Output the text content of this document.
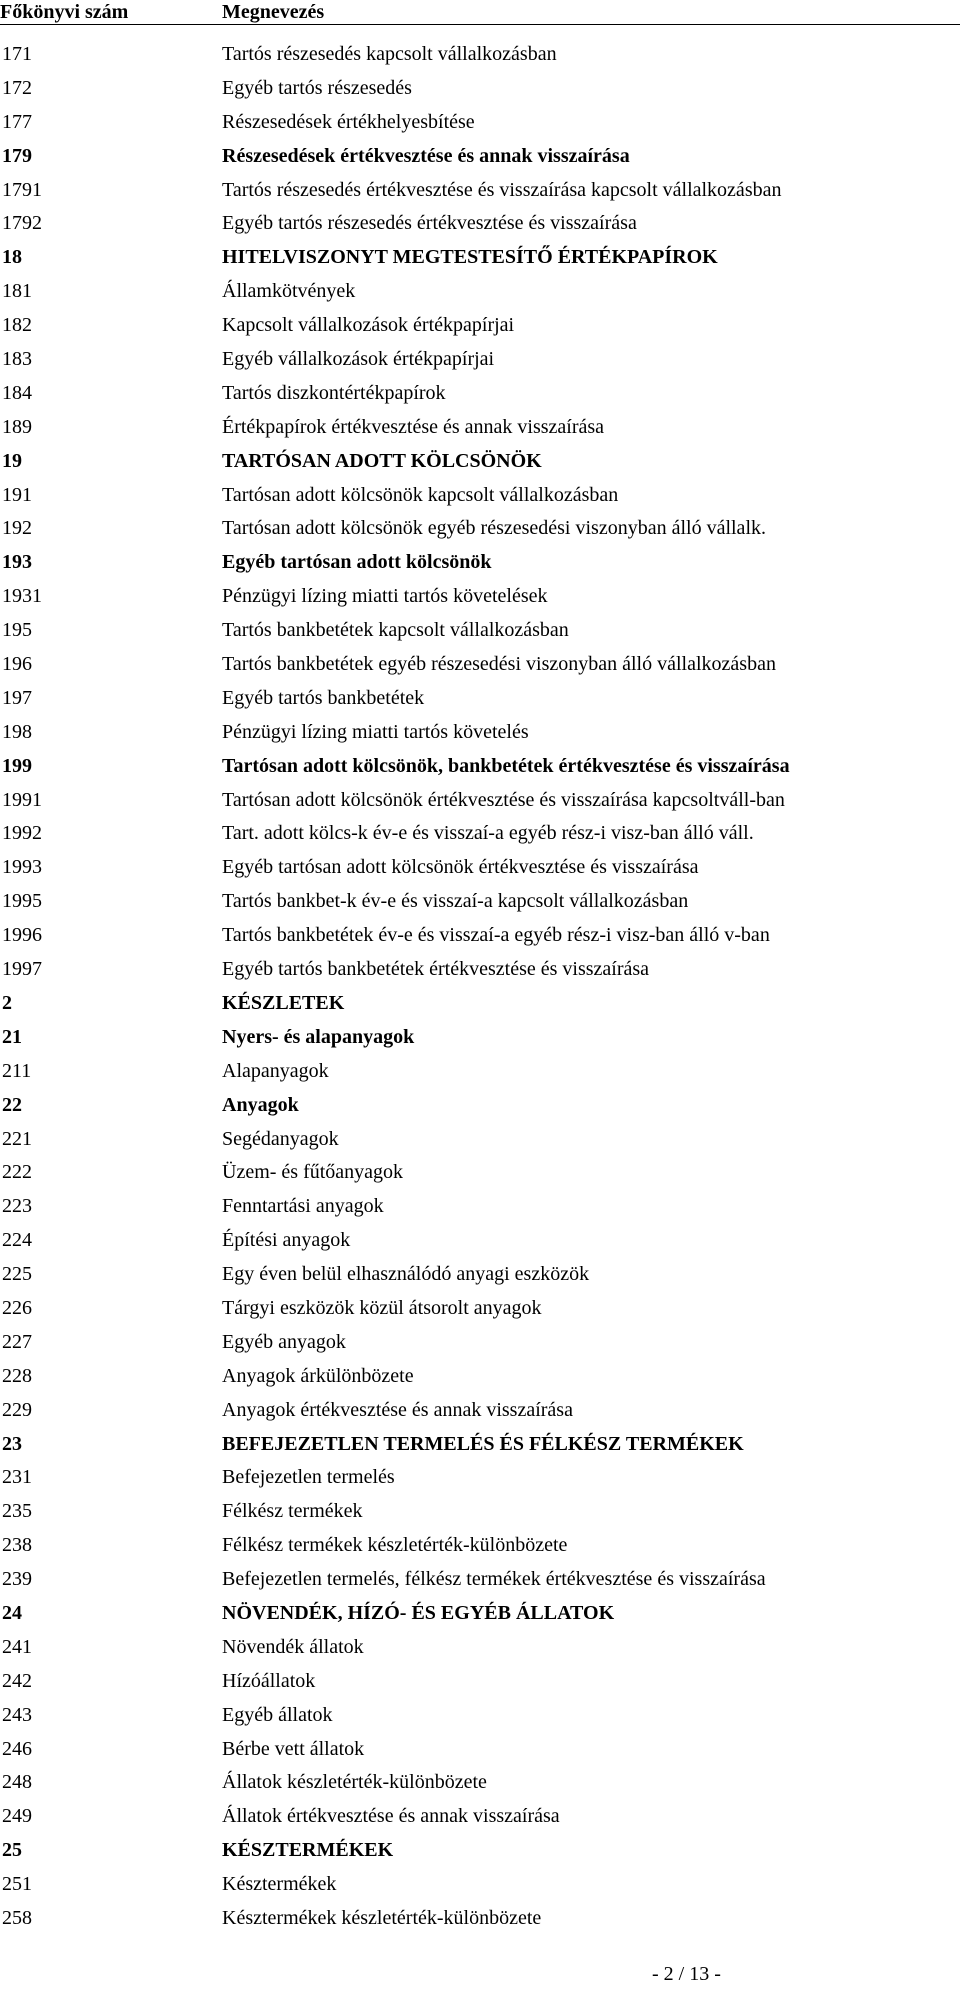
Főkönyvi szám	Megnevezés
171	Tartós részesedés kapcsolt vállalkozásban
172	Egyéb tartós részesedés
177	Részesedések értékhelyesbítése
179	Részesedések értékvesztése és annak visszaírása
1791	Tartós részesedés értékvesztése és visszaírása kapcsolt vállalkozásban
1792	Egyéb tartós részesedés értékvesztése és visszaírása
18	HITELVISZONYT MEGTESTESÍTŐ ÉRTÉKPAPÍROK
181	Államkötvények
182	Kapcsolt vállalkozások értékpapírjai
183	Egyéb vállalkozások értékpapírjai
184	Tartós diszkontértékpapírok
189	Értékpapírok értékvesztése és annak visszaírása
19	TARTÓSAN ADOTT KÖLCSÖNÖK
191	Tartósan adott kölcsönök kapcsolt vállalkozásban
192	Tartósan adott kölcsönök egyéb részesedési viszonyban álló vállalk.
193	Egyéb tartósan adott kölcsönök
1931	Pénzügyi lízing miatti tartós követelések
195	Tartós bankbetétek kapcsolt vállalkozásban
196	Tartós bankbetétek egyéb részesedési viszonyban álló vállalkozásban
197	Egyéb tartós bankbetétek
198	Pénzügyi lízing miatti tartós követelés
199	Tartósan adott kölcsönök, bankbetétek értékvesztése és visszaírása
1991	Tartósan adott kölcsönök értékvesztése és visszaírása kapcsoltváll-ban
1992	Tart. adott kölcs-k év-e és visszaí-a egyéb rész-i visz-ban álló váll.
1993	Egyéb tartósan adott kölcsönök értékvesztése és visszaírása
1995	Tartós bankbet-k év-e és visszaí-a kapcsolt vállalkozásban
1996	Tartós bankbetétek év-e és visszaí-a egyéb rész-i visz-ban álló v-ban
1997	Egyéb tartós bankbetétek értékvesztése és visszaírása
2	KÉSZLETEK
21	Nyers- és alapanyagok
211	Alapanyagok
22	Anyagok
221	Segédanyagok
222	Üzem- és fűtőanyagok
223	Fenntartási anyagok
224	Építési anyagok
225	Egy éven belül elhasználódó anyagi eszközök
226	Tárgyi eszközök közül átsorolt anyagok
227	Egyéb anyagok
228	Anyagok árkülönbözete
229	Anyagok értékvesztése és annak visszaírása
23	BEFEJEZETLEN TERMELÉS ÉS FÉLKÉSZ TERMÉKEK
231	Befejezetlen termelés
235	Félkész termékek
238	Félkész termékek készletérték-különbözete
239	Befejezetlen termelés, félkész termékek értékvesztése és visszaírása
24	NÖVENDÉK, HÍZÓ- ÉS EGYÉB ÁLLATOK
241	Növendék állatok
242	Hízóállatok
243	Egyéb állatok
246	Bérbe vett állatok
248	Állatok készletérték-különbözete
249	Állatok értékvesztése és annak visszaírása
25	KÉSZTERMÉKEK
251	Késztermékek
258	Késztermékek készletérték-különbözete
- 2 / 13 -
